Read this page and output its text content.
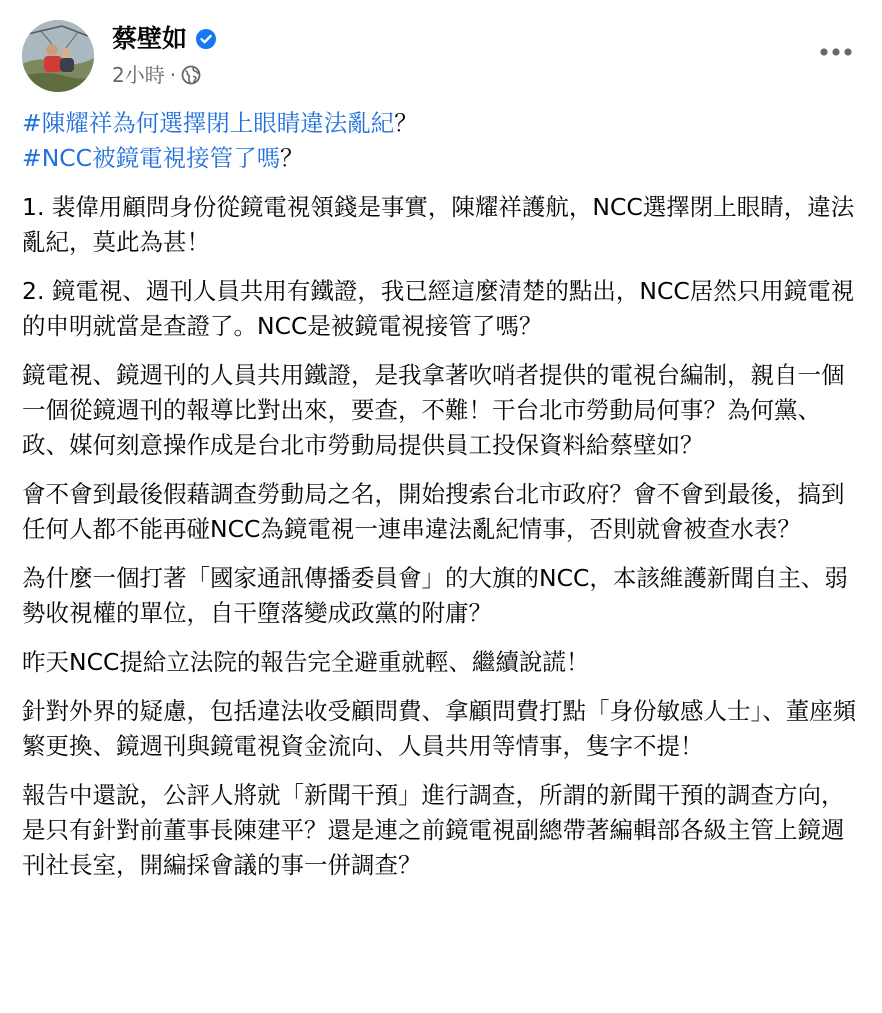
蔡壁如
2小時 ·

#陳耀祥為何選擇閉上眼睛違法亂紀？
#NCC被鏡電視接管了嗎？

1. 裴偉用顧問身份從鏡電視領錢是事實，陳耀祥護航，NCC選擇閉上眼睛，違法亂紀，莫此為甚！

2. 鏡電視、週刊人員共用有鐵證，我已經這麼清楚的點出，NCC居然只用鏡電視的申明就當是查證了。NCC是被鏡電視接管了嗎？

鏡電視、鏡週刊的人員共用鐵證，是我拿著吹哨者提供的電視台編制，親自一個一個從鏡週刊的報導比對出來，要查，不難！干台北市勞動局何事？為何黨、政、媒何刻意操作成是台北市勞動局提供員工投保資料給蔡壁如？

會不會到最後假藉調查勞動局之名，開始搜索台北市政府？會不會到最後，搞到任何人都不能再碰NCC為鏡電視一連串違法亂紀情事，否則就會被查水表？

為什麼一個打著「國家通訊傳播委員會」的大旗的NCC，本該維護新聞自主、弱勢收視權的單位，自干墮落變成政黨的附庸？

昨天NCC提給立法院的報告完全避重就輕、繼續說謊！

針對外界的疑慮，包括違法收受顧問費、拿顧問費打點「身份敏感人士」、董座頻繁更換、鏡週刊與鏡電視資金流向、人員共用等情事，隻字不提！

報告中還說，公評人將就「新聞干預」進行調查，所謂的新聞干預的調查方向，是只有針對前董事長陳建平？還是連之前鏡電視副總帶著編輯部各級主管上鏡週刊社長室，開編採會議的事一併調查？
